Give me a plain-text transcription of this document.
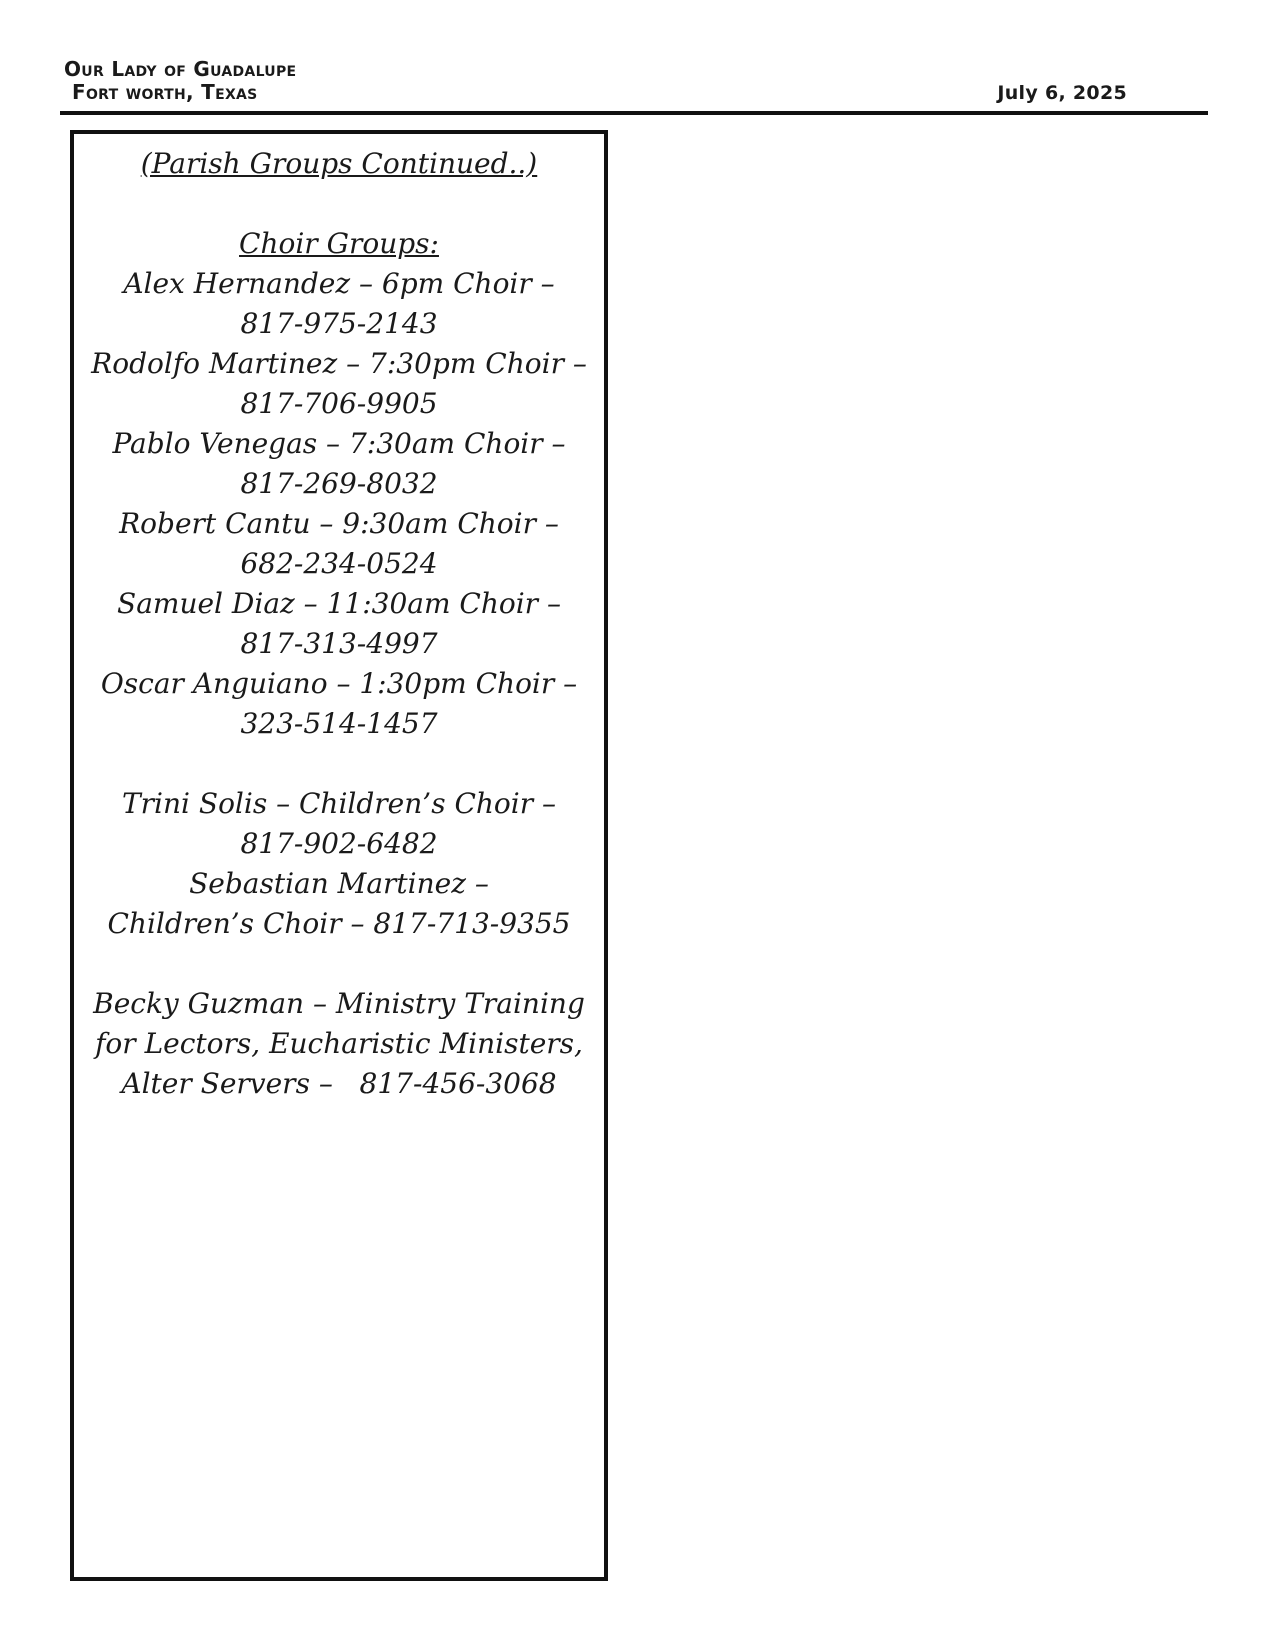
Our Lady of Guadalupe
Fort worth, Texas	July 6, 2025
(Parish Groups Continued..)
Choir Groups:
Alex Hernandez – 6pm Choir –
817-975-2143
Rodolfo Martinez – 7:30pm Choir –
817-706-9905
Pablo Venegas – 7:30am Choir –
817-269-8032
Robert Cantu – 9:30am Choir –
682-234-0524
Samuel Diaz – 11:30am Choir –
817-313-4997
Oscar Anguiano – 1:30pm Choir –
323-514-1457
Trini Solis – Children’s Choir –
817-902-6482
Sebastian Martinez –
Children’s Choir – 817-713-9355
Becky Guzman – Ministry Training
for Lectors, Eucharistic Ministers,
Alter Servers –   817-456-3068
